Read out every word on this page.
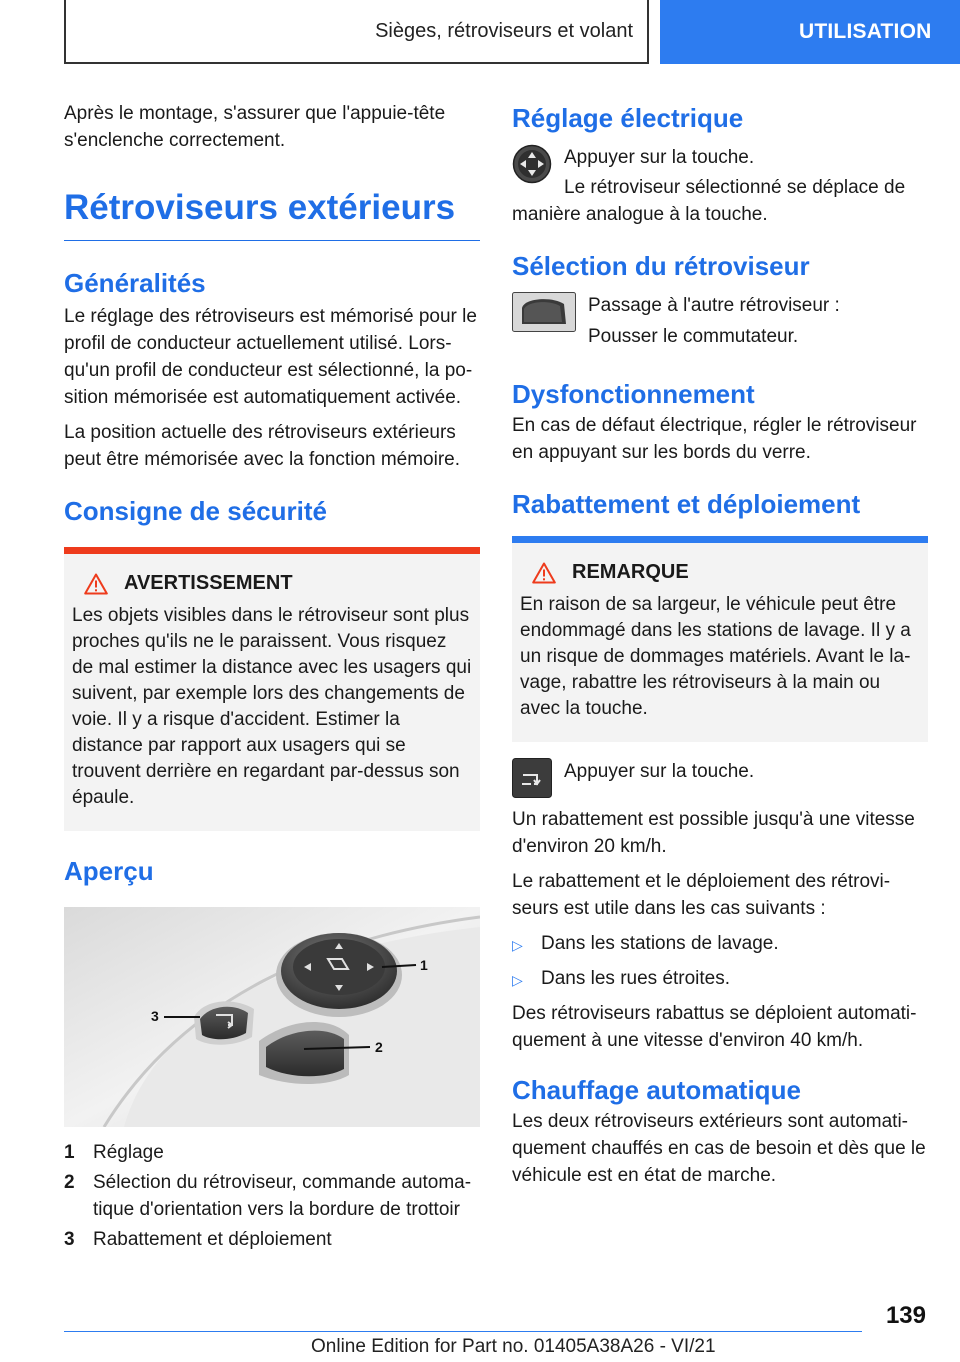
Sièges, rétroviseurs et volant	UTILISATION

Après le montage, s'assurer que l'appuie-tête s'enclenche correctement.

Rétroviseurs extérieurs
Généralités

Le réglage des rétroviseurs est mémorisé pour le profil de conducteur actuellement utilisé. Lors-qu'un profil de conducteur est sélectionné, la po-sition mémorisée est automatiquement activée.

La position actuelle des rétroviseurs extérieurs peut être mémorisée avec la fonction mémoire.

Consigne de sécurité
AVERTISSEMENT

Les objets visibles dans le rétroviseur sont plus proches qu'ils ne le paraissent. Vous risquez de mal estimer la distance avec les usagers qui suivent, par exemple lors des changements de voie. Il y a risque d'accident. Estimer la distance par rapport aux usagers qui se trouvent derrière en regardant par-dessus son épaule.

Aperçu
1
2
3
1 Réglage
2 Sélection du rétroviseur, commande automa-tique d'orientation vers la bordure de trottoir
3 Rabattement et déploiement
Réglage électrique

Appuyer sur la touche.

Le rétroviseur sélectionné se déplace de manière analogue à la touche.

Sélection du rétroviseur

Passage à l'autre rétroviseur :

Pousser le commutateur.

Dysfonctionnement

En cas de défaut électrique, régler le rétroviseur en appuyant sur les bords du verre.

Rabattement et déploiement
REMARQUE

En raison de sa largeur, le véhicule peut être endommagé dans les stations de lavage. Il y a un risque de dommages matériels. Avant le la-vage, rabattre les rétroviseurs à la main ou avec la touche.

Appuyer sur la touche.

Un rabattement est possible jusqu'à une vitesse d'environ 20 km/h.

Le rabattement et le déploiement des rétrovi-seurs est utile dans les cas suivants :

▷ Dans les stations de lavage.
▷ Dans les rues étroites.

Des rétroviseurs rabattus se déploient automati-quement à une vitesse d'environ 40 km/h.

Chauffage automatique

Les deux rétroviseurs extérieurs sont automati-quement chauffés en cas de besoin et dès que le véhicule est en état de marche.

139
Online Edition for Part no. 01405A38A26 - VI/21
